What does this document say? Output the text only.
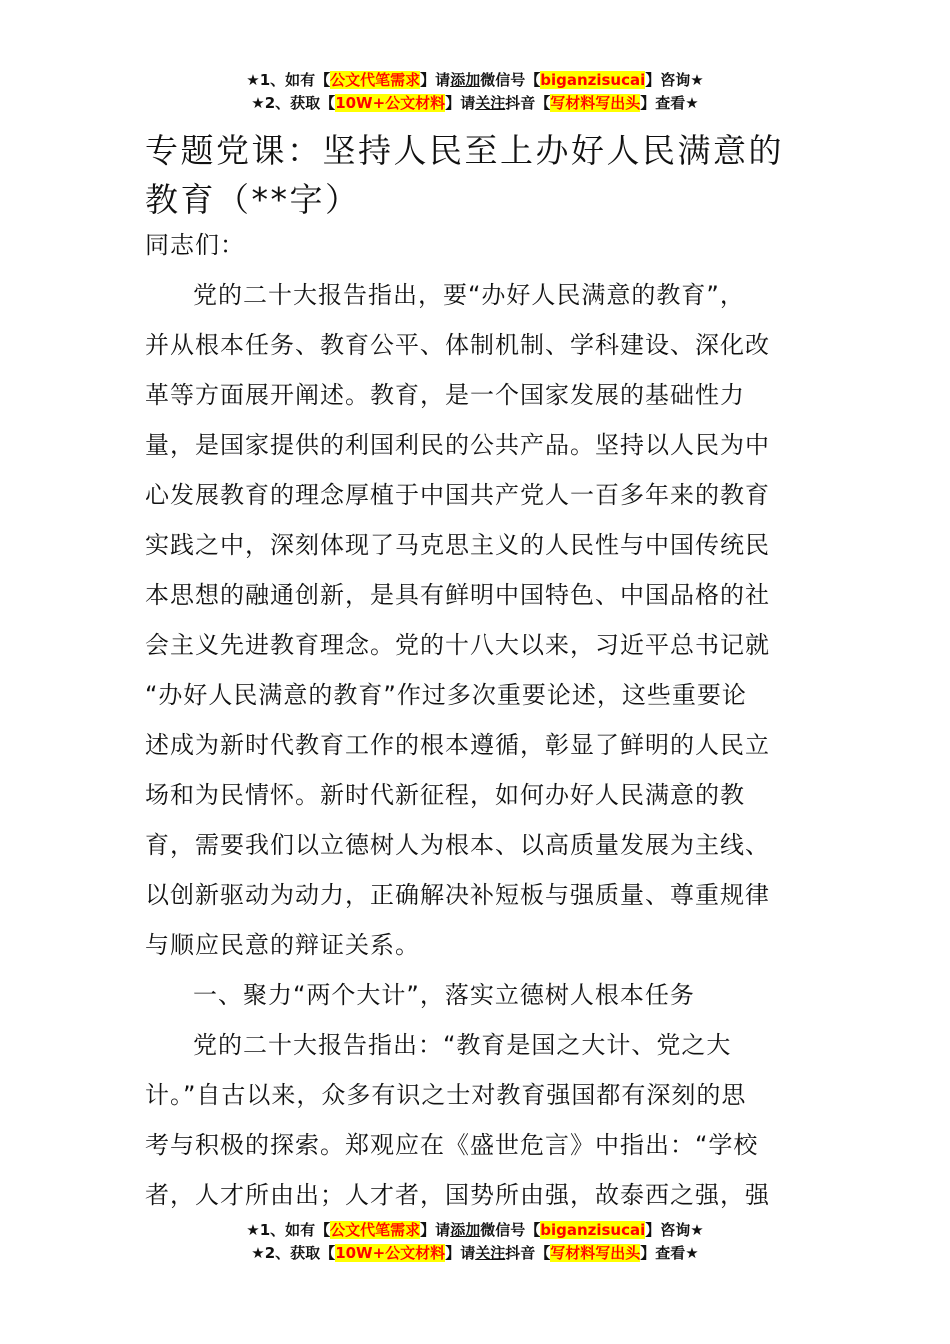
★1、如有【公文代笔需求】请添加微信号【biganzisucai】咨询★
★2、获取【10W+公文材料】请关注抖音【写材料写出头】查看★
专题党课：坚持人民至上办好人民满意的
教育（**字）
同志们：
党的二十大报告指出，要“办好人民满意的教育”，
并从根本任务、教育公平、体制机制、学科建设、深化改
革等方面展开阐述。教育，是一个国家发展的基础性力
量，是国家提供的利国利民的公共产品。坚持以人民为中
心发展教育的理念厚植于中国共产党人一百多年来的教育
实践之中，深刻体现了马克思主义的人民性与中国传统民
本思想的融通创新，是具有鲜明中国特色、中国品格的社
会主义先进教育理念。党的十八大以来，习近平总书记就
“办好人民满意的教育”作过多次重要论述，这些重要论
述成为新时代教育工作的根本遵循，彰显了鲜明的人民立
场和为民情怀。新时代新征程，如何办好人民满意的教
育，需要我们以立德树人为根本、以高质量发展为主线、
以创新驱动为动力，正确解决补短板与强质量、尊重规律
与顺应民意的辩证关系。
一、聚力“两个大计”，落实立德树人根本任务
党的二十大报告指出：“教育是国之大计、党之大
计。”自古以来，众多有识之士对教育强国都有深刻的思
考与积极的探索。郑观应在《盛世危言》中指出：“学校
者，人才所由出；人才者，国势所由强，故泰西之强，强
★1、如有【公文代笔需求】请添加微信号【biganzisucai】咨询★
★2、获取【10W+公文材料】请关注抖音【写材料写出头】查看★
